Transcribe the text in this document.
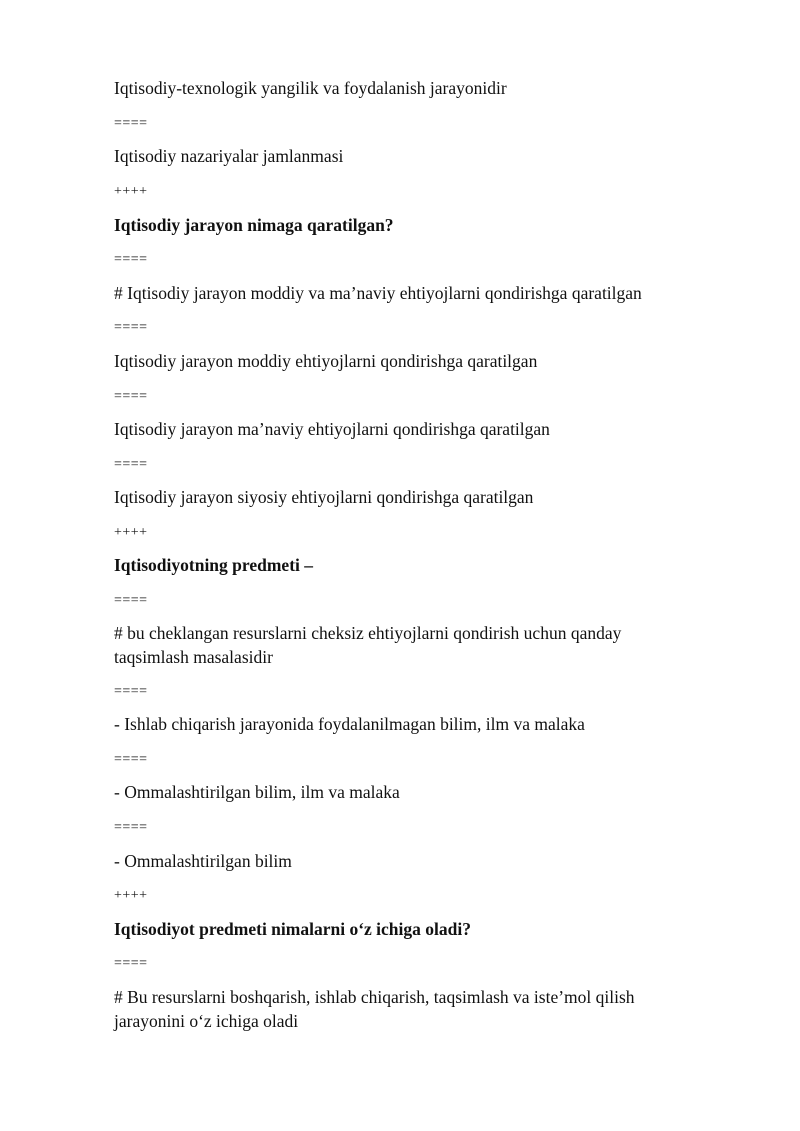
Iqtisodiy-texnologik yangilik va foydalanish jarayonidir

====

Iqtisodiy nazariyalar jamlanmasi

++++

Iqtisodiy jarayon nimaga qaratilgan?

====

# Iqtisodiy jarayon moddiy va ma’naviy ehtiyojlarni qondirishga qaratilgan

====

Iqtisodiy jarayon moddiy ehtiyojlarni qondirishga qaratilgan

====

Iqtisodiy jarayon ma’naviy ehtiyojlarni qondirishga qaratilgan

====

Iqtisodiy jarayon siyosiy ehtiyojlarni qondirishga qaratilgan

++++

Iqtisodiyotning predmeti –

====

# bu cheklangan resurslarni cheksiz ehtiyojlarni qondirish uchun qanday taqsimlash masalasidir

====

- Ishlab chiqarish jarayonida foydalanilmagan bilim, ilm va malaka

====

- Ommalashtirilgan bilim, ilm va malaka

====

- Ommalashtirilgan bilim

++++

Iqtisodiyot predmeti nimalarni o‘z ichiga oladi?

====

# Bu resurslarni boshqarish, ishlab chiqarish, taqsimlash va iste’mol qilish jarayonini o‘z ichiga oladi
